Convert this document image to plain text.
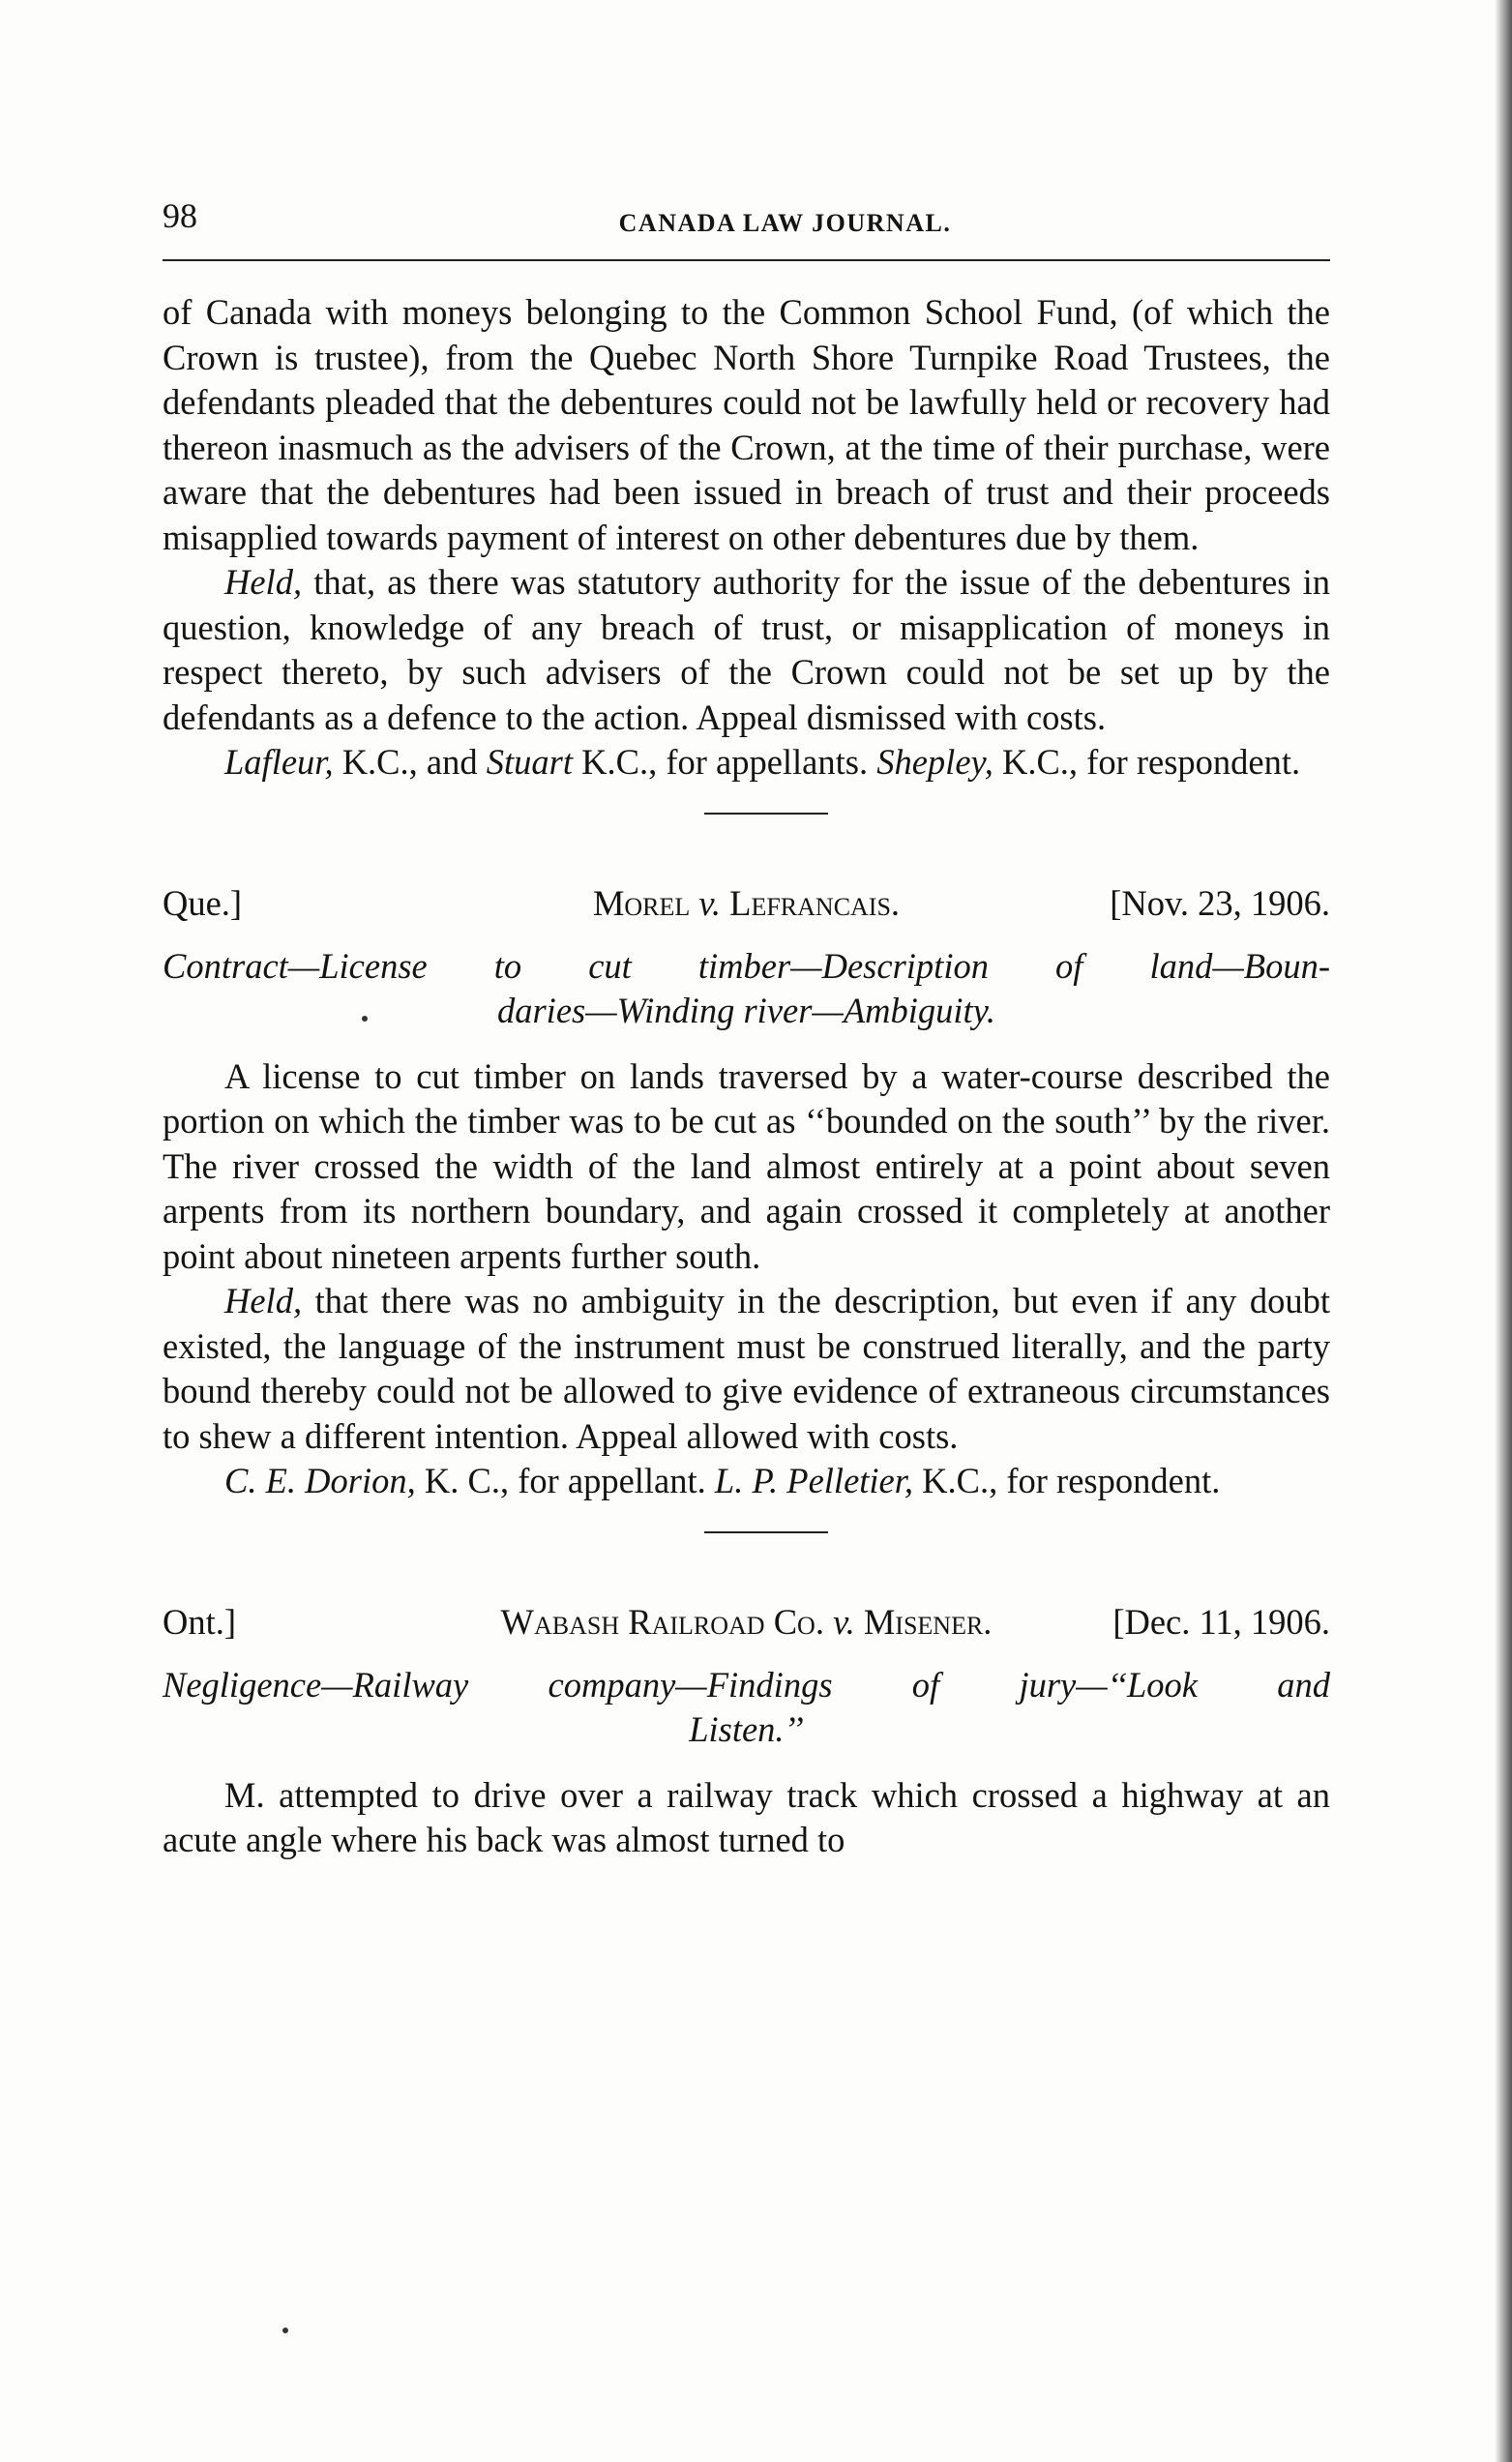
98	CANADA LAW JOURNAL.

of Canada with moneys belonging to the Common School Fund, (of which the Crown is trustee), from the Quebec North Shore Turnpike Road Trustees, the defendants pleaded that the debentures could not be lawfully held or recovery had thereon inasmuch as the advisers of the Crown, at the time of their purchase, were aware that the debentures had been issued in breach of trust and their proceeds misapplied towards payment of interest on other debentures due by them.

Held, that, as there was statutory authority for the issue of the debentures in question, knowledge of any breach of trust, or misapplication of moneys in respect thereto, by such advisers of the Crown could not be set up by the defendants as a defence to the action. Appeal dismissed with costs.

Lafleur, K.C., and Stuart K.C., for appellants. Shepley, K.C., for respondent.

Que.]	Morel v. Lefrancais.	[Nov. 23, 1906.
Contract—License to cut timber—Description of land—Boun-
daries—Winding river—Ambiguity.

A license to cut timber on lands traversed by a water-course described the portion on which the timber was to be cut as ‘‘bounded on the south’’ by the river. The river crossed the width of the land almost entirely at a point about seven arpents from its northern boundary, and again crossed it completely at another point about nineteen arpents further south.

Held, that there was no ambiguity in the description, but even if any doubt existed, the language of the instrument must be construed literally, and the party bound thereby could not be allowed to give evidence of extraneous circumstances to shew a different intention. Appeal allowed with costs.

C. E. Dorion, K. C., for appellant. L. P. Pelletier, K.C., for respondent.

Ont.]	Wabash Railroad Co. v. Misener.	[Dec. 11, 1906.
Negligence—Railway company—Findings of jury—‘‘Look and
Listen.’’

M. attempted to drive over a railway track which crossed a highway at an acute angle where his back was almost turned to
